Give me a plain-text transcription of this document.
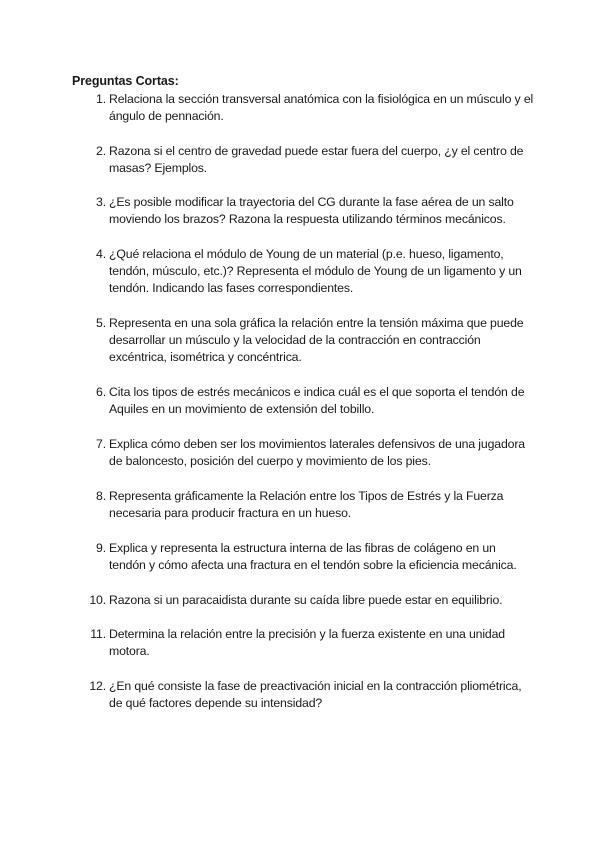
Preguntas Cortas:
1. Relaciona la sección transversal anatómica con la fisiológica en un músculo y el ángulo de pennación.
2. Razona si el centro de gravedad puede estar fuera del cuerpo, ¿y el centro de masas? Ejemplos.
3. ¿Es posible modificar la trayectoria del CG durante la fase aérea de un salto moviendo los brazos? Razona la respuesta utilizando términos mecánicos.
4. ¿Qué relaciona el módulo de Young de un material (p.e. hueso, ligamento, tendón, músculo, etc.)? Representa el módulo de Young de un ligamento y un tendón. Indicando las fases correspondientes.
5. Representa en una sola gráfica la relación entre la tensión máxima que puede desarrollar un músculo y la velocidad de la contracción en contracción excéntrica, isométrica y concéntrica.
6. Cita los tipos de estrés mecánicos e indica cuál es el que soporta el tendón de Aquiles en un movimiento de extensión del tobillo.
7. Explica cómo deben ser los movimientos laterales defensivos de una jugadora de baloncesto, posición del cuerpo y movimiento de los pies.
8. Representa gráficamente la Relación entre los Tipos de Estrés y la Fuerza necesaria para producir fractura en un hueso.
9. Explica y representa la estructura interna de las fibras de colágeno en un tendón y cómo afecta una fractura en el tendón sobre la eficiencia mecánica.
10. Razona si un paracaidista durante su caída libre puede estar en equilibrio.
11. Determina la relación entre la precisión y la fuerza existente en una unidad motora.
12. ¿En qué consiste la fase de preactivación inicial en la contracción pliométrica, de qué factores depende su intensidad?
